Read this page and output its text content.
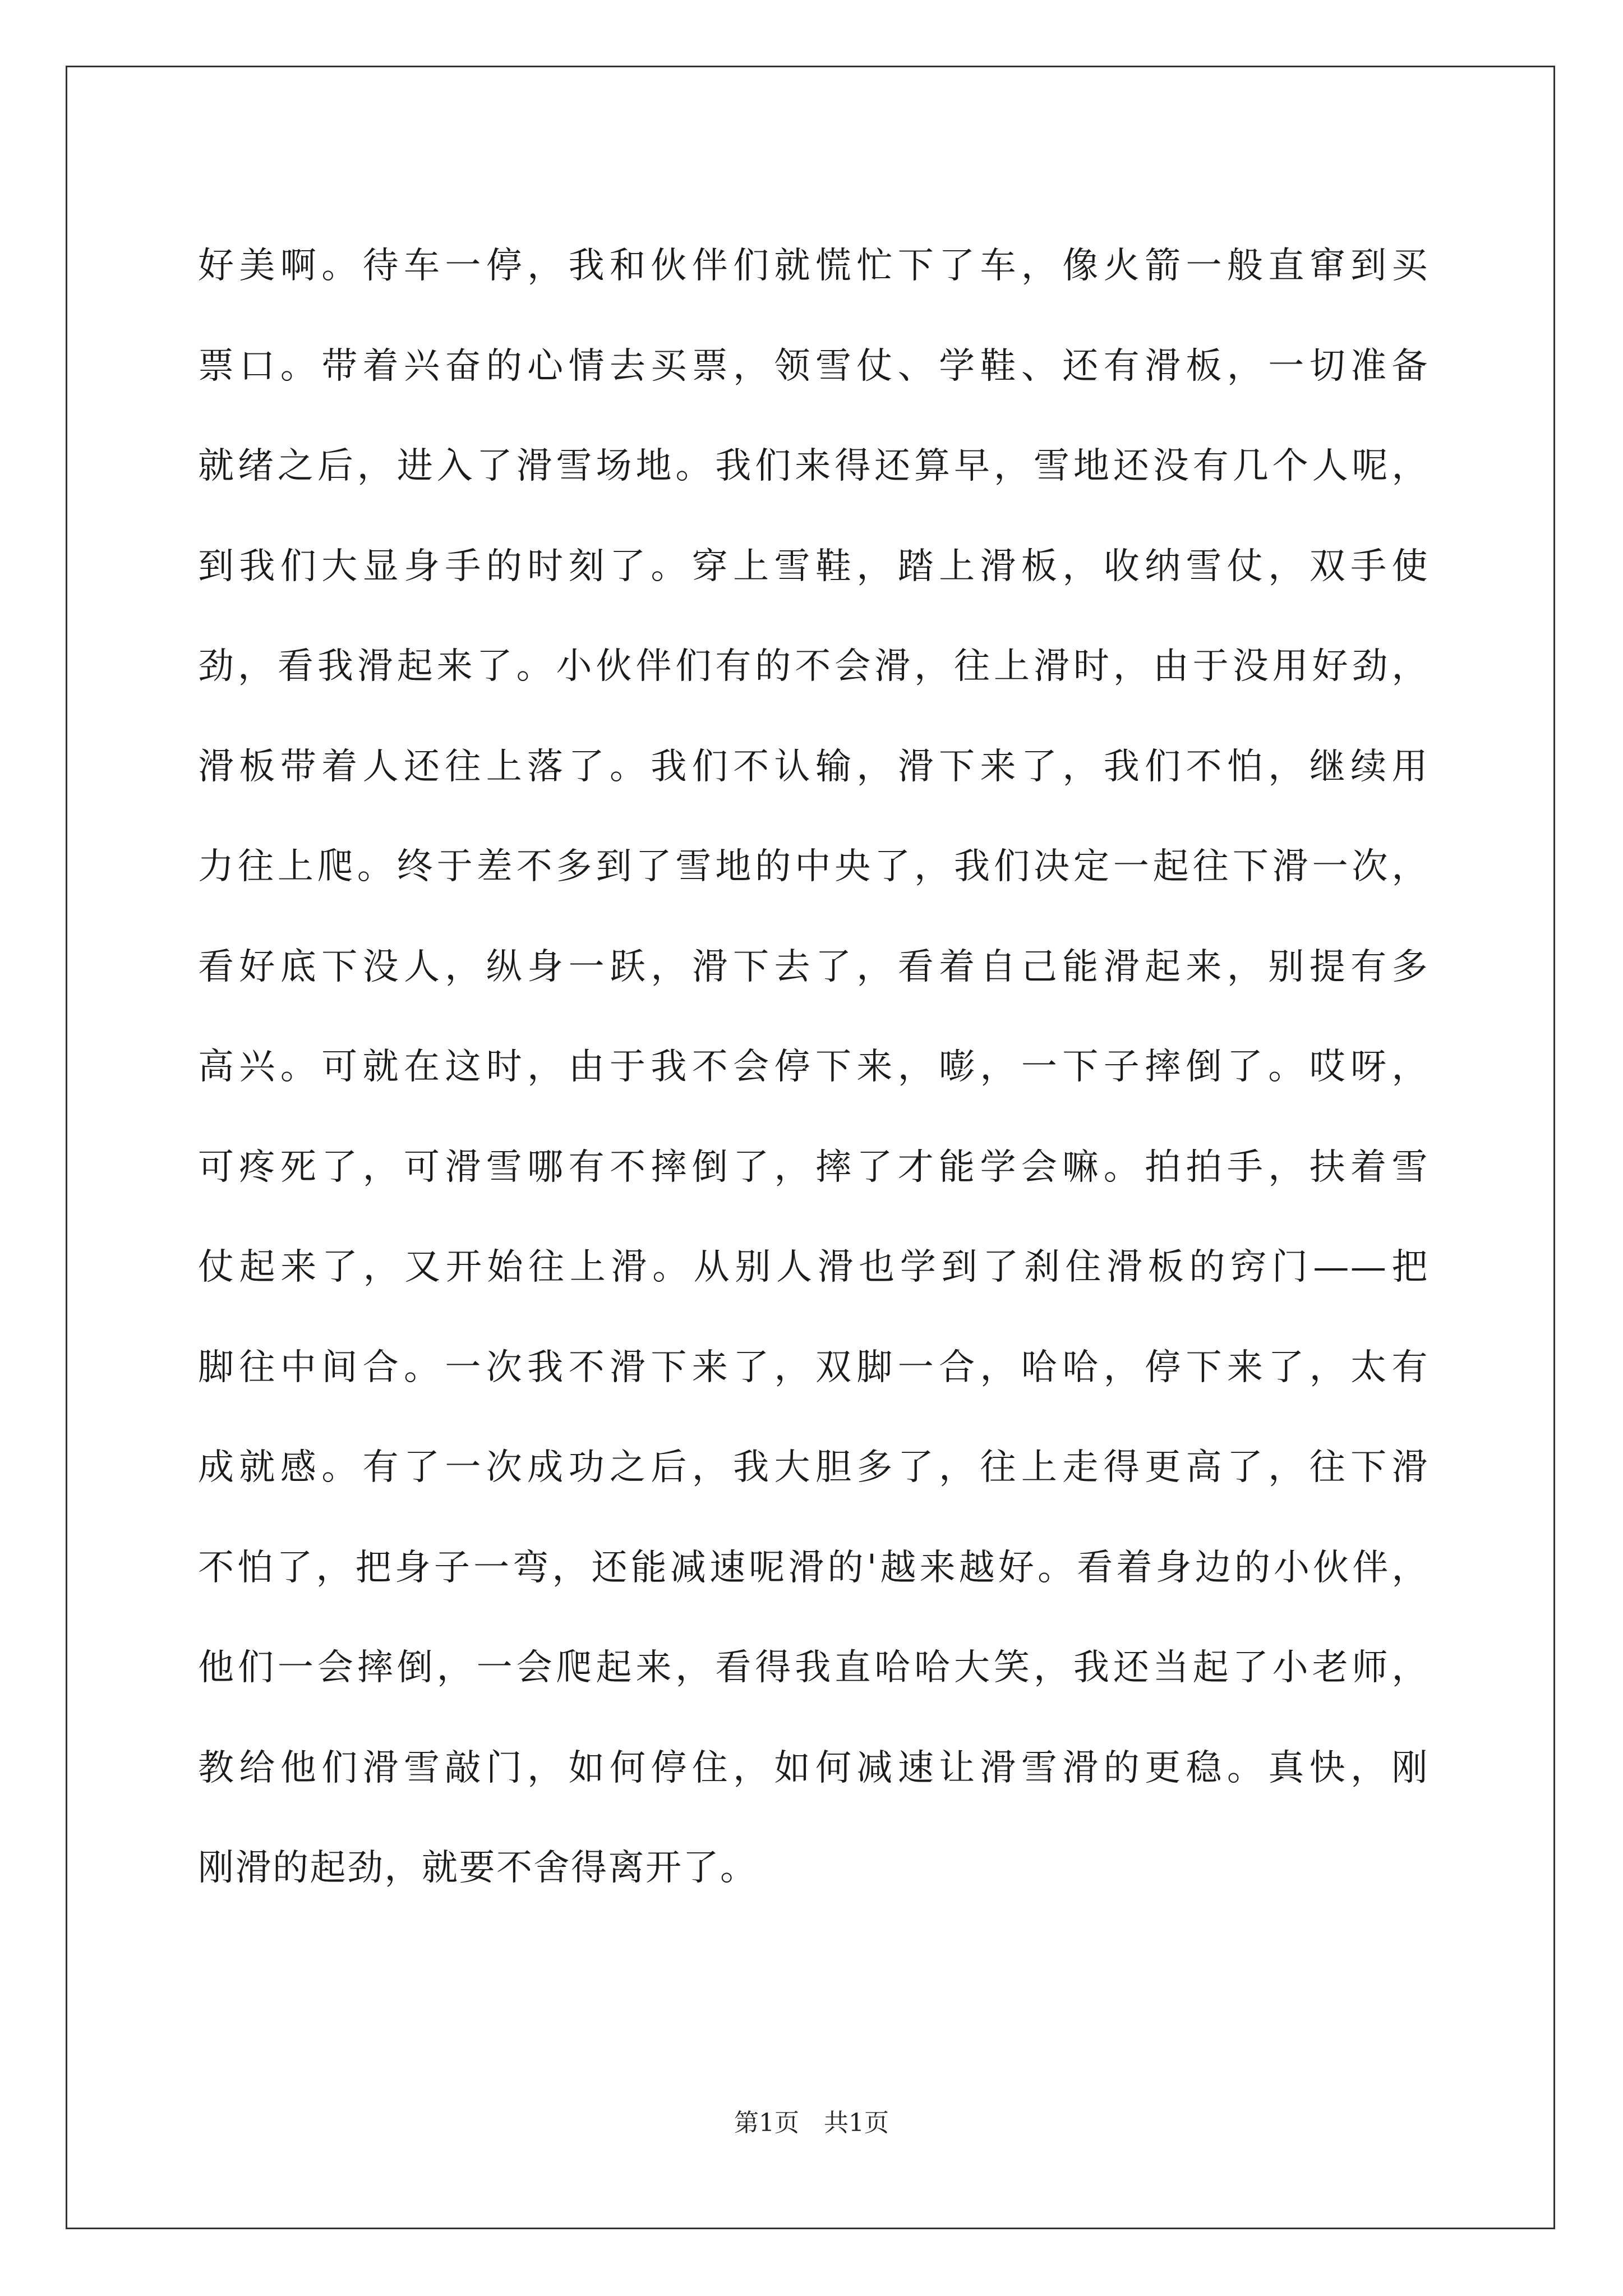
好美啊。待车一停，我和伙伴们就慌忙下了车，像火箭一般直窜到买
票口。带着兴奋的心情去买票，领雪仗、学鞋、还有滑板，一切准备
就绪之后，进入了滑雪场地。我们来得还算早，雪地还没有几个人呢，
到我们大显身手的时刻了。穿上雪鞋，踏上滑板，收纳雪仗，双手使
劲，看我滑起来了。小伙伴们有的不会滑，往上滑时，由于没用好劲，
滑板带着人还往上落了。我们不认输，滑下来了，我们不怕，继续用
力往上爬。终于差不多到了雪地的中央了，我们决定一起往下滑一次，
看好底下没人，纵身一跃，滑下去了，看着自己能滑起来，别提有多
高兴。可就在这时，由于我不会停下来，嘭，一下子摔倒了。哎呀，
可疼死了，可滑雪哪有不摔倒了，摔了才能学会嘛。拍拍手，扶着雪
仗起来了，又开始往上滑。从别人滑也学到了刹住滑板的窍门——把
脚往中间合。一次我不滑下来了，双脚一合，哈哈，停下来了，太有
成就感。有了一次成功之后，我大胆多了，往上走得更高了，往下滑
不怕了，把身子一弯，还能减速呢滑的'越来越好。看着身边的小伙伴，
他们一会摔倒，一会爬起来，看得我直哈哈大笑，我还当起了小老师，
教给他们滑雪敲门，如何停住，如何减速让滑雪滑的更稳。真快，刚
刚滑的起劲，就要不舍得离开了。
第1页　共1页
